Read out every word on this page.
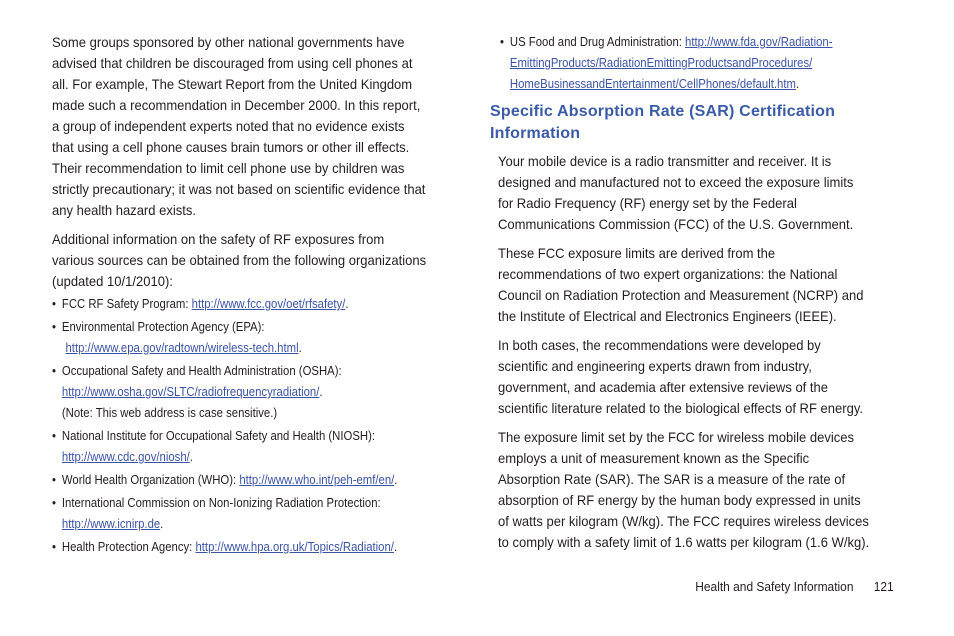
Some groups sponsored by other national governments have advised that children be discouraged from using cell phones at all. For example, The Stewart Report from the United Kingdom made such a recommendation in December 2000. In this report, a group of independent experts noted that no evidence exists that using a cell phone causes brain tumors or other ill effects. Their recommendation to limit cell phone use by children was strictly precautionary; it was not based on scientific evidence that any health hazard exists.

Additional information on the safety of RF exposures from various sources can be obtained from the following organizations (updated 10/1/2010):

• FCC RF Safety Program: http://www.fcc.gov/oet/rfsafety/.
• Environmental Protection Agency (EPA):
http://www.epa.gov/radtown/wireless-tech.html.
• Occupational Safety and Health Administration (OSHA):
http://www.osha.gov/SLTC/radiofrequencyradiation/.
(Note: This web address is case sensitive.)
• National Institute for Occupational Safety and Health (NIOSH):
http://www.cdc.gov/niosh/.
• World Health Organization (WHO): http://www.who.int/peh-emf/en/.
• International Commission on Non-Ionizing Radiation Protection:
http://www.icnirp.de.
• Health Protection Agency: http://www.hpa.org.uk/Topics/Radiation/.
• US Food and Drug Administration: http://www.fda.gov/Radiation-
EmittingProducts/RadiationEmittingProductsandProcedures/
HomeBusinessandEntertainment/CellPhones/default.htm.
Specific Absorption Rate (SAR) Certification Information

Your mobile device is a radio transmitter and receiver. It is designed and manufactured not to exceed the exposure limits for Radio Frequency (RF) energy set by the Federal Communications Commission (FCC) of the U.S. Government.

These FCC exposure limits are derived from the recommendations of two expert organizations: the National Council on Radiation Protection and Measurement (NCRP) and the Institute of Electrical and Electronics Engineers (IEEE).

In both cases, the recommendations were developed by scientific and engineering experts drawn from industry, government, and academia after extensive reviews of the scientific literature related to the biological effects of RF energy.

The exposure limit set by the FCC for wireless mobile devices employs a unit of measurement known as the Specific Absorption Rate (SAR). The SAR is a measure of the rate of absorption of RF energy by the human body expressed in units of watts per kilogram (W/kg). The FCC requires wireless devices to comply with a safety limit of 1.6 watts per kilogram (1.6 W/kg).

Health and Safety Information 121
